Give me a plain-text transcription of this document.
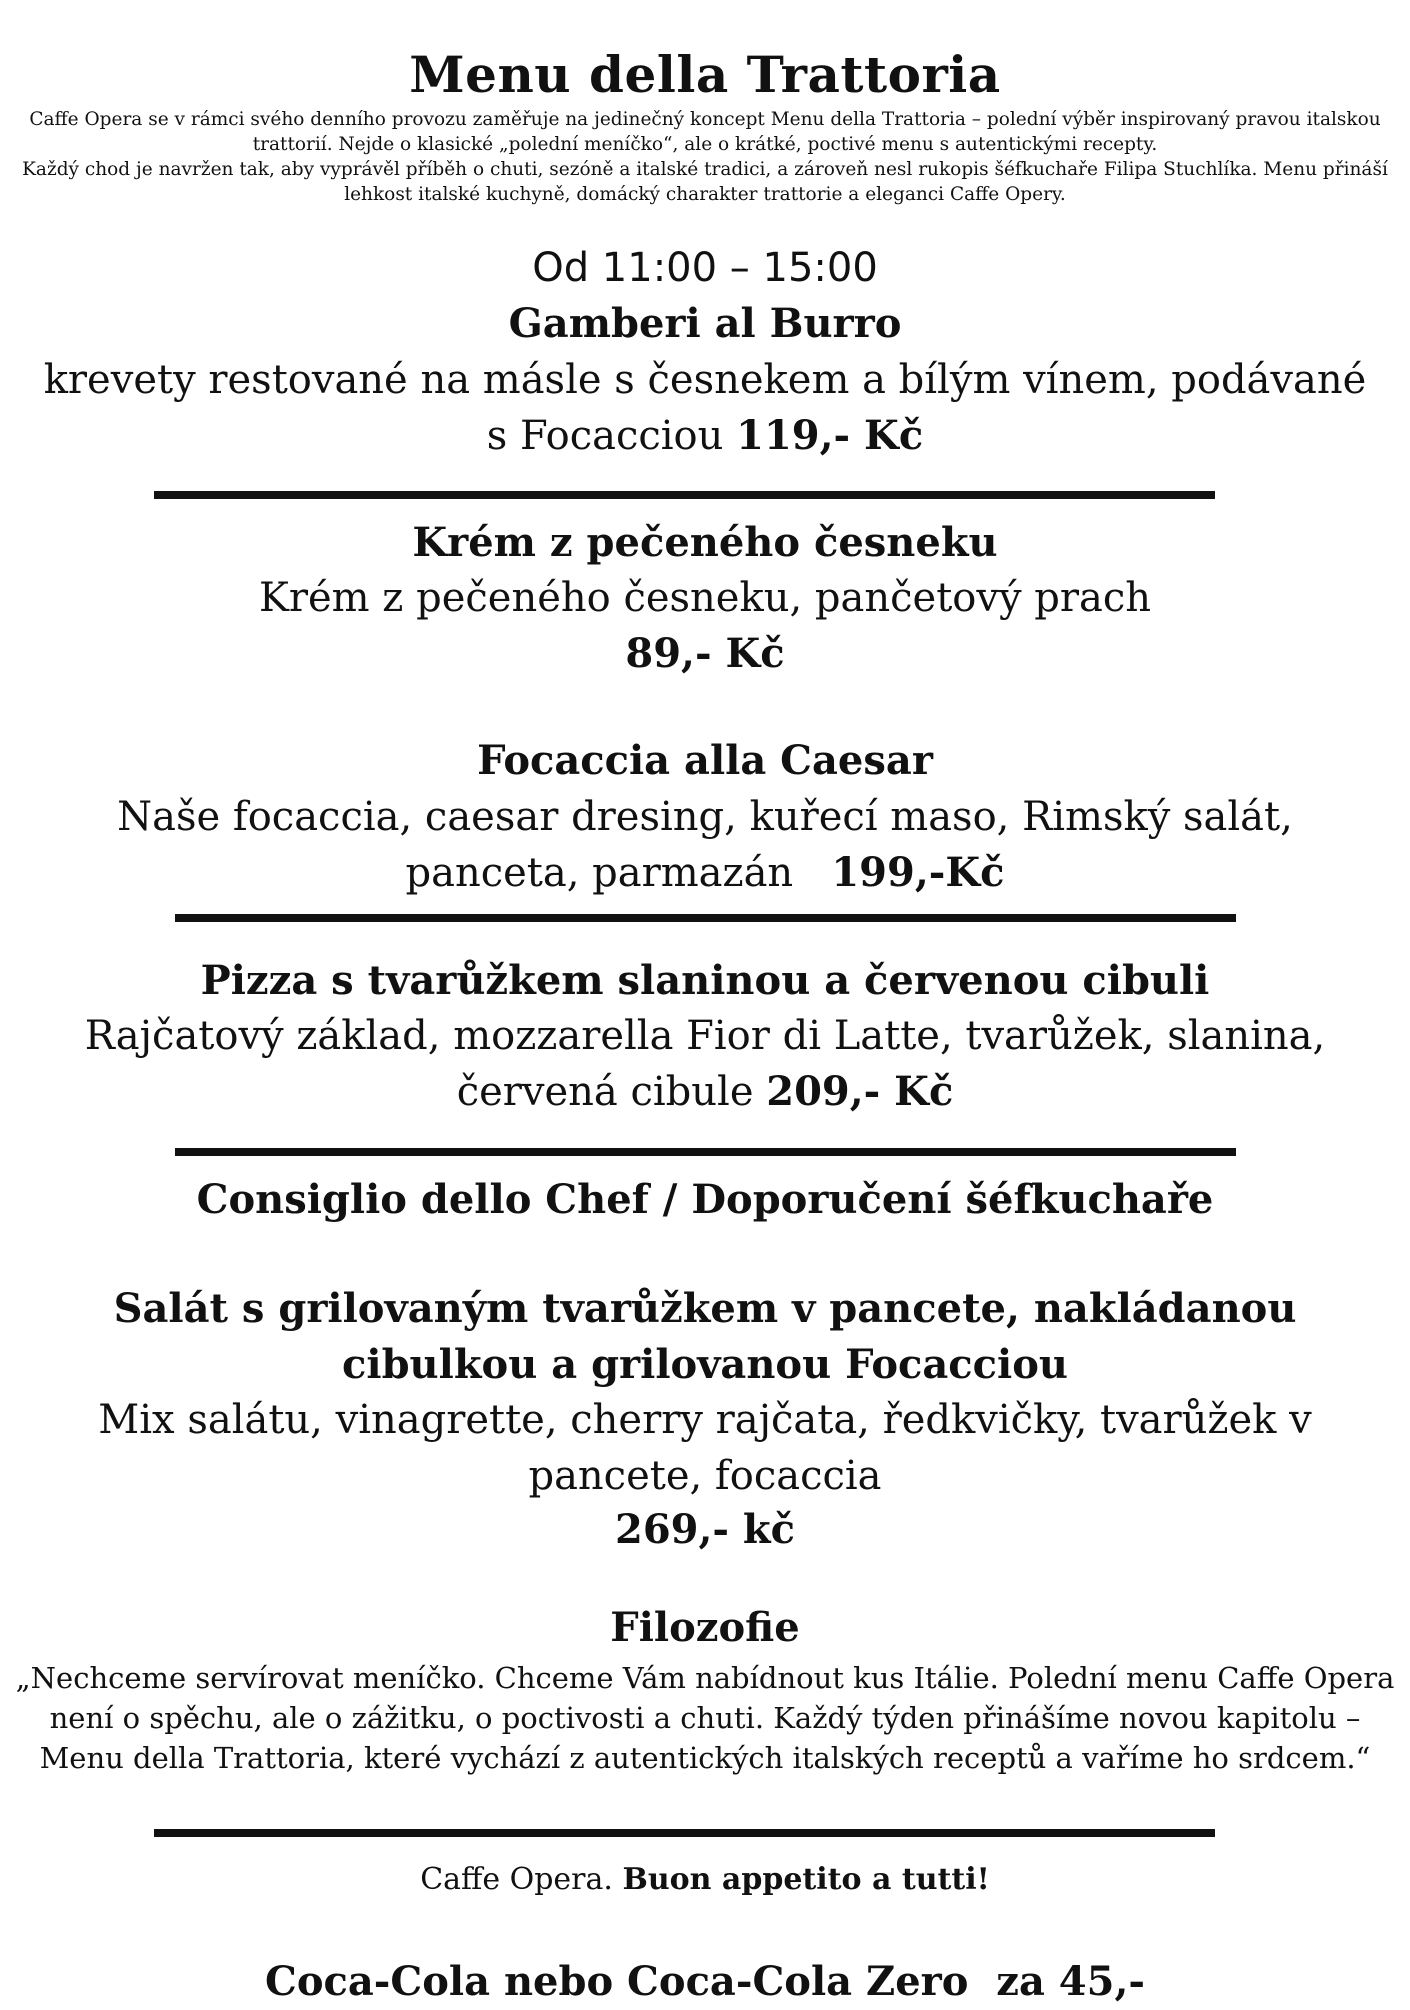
Menu della Trattoria

Caffe Opera se v rámci svého denního provozu zaměřuje na jedinečný koncept Menu della Trattoria – polední výběr inspirovaný pravou italskou trattorií. Nejde o klasické „polední meníčko“, ale o krátké, poctivé menu s autentickými recepty.

Každý chod je navržen tak, aby vyprávěl příběh o chuti, sezóně a italské tradici, a zároveň nesl rukopis šéfkuchaře Filipa Stuchlíka. Menu přináší lehkost italské kuchyně, domácký charakter trattorie a eleganci Caffe Opery.

Od 11:00 – 15:00
Gamberi al Burro
krevety restované na másle s česnekem a bílým vínem, podávané s Focacciou 119,- Kč
Krém z pečeného česneku
Krém z pečeného česneku, pančetový prach
89,- Kč
Focaccia alla Caesar
Naše focaccia, caesar dresing, kuřecí maso, Rimský salát, panceta, parmazán 199,-Kč
Pizza s tvarůžkem slaninou a červenou cibuli
Rajčatový základ, mozzarella Fior di Latte, tvarůžek, slanina, červená cibule 209,- Kč
Consiglio dello Chef / Doporučení šéfkuchaře
Salát s grilovaným tvarůžkem v pancete, nakládanou cibulkou a grilovanou Focacciou
Mix salátu, vinagrette, cherry rajčata, ředkvičky, tvarůžek v pancete, focaccia
269,- kč
Filozofie
„Nechceme servírovat meníčko. Chceme Vám nabídnout kus Itálie. Polední menu Caffe Opera není o spěchu, ale o zážitku, o poctivosti a chuti. Každý týden přinášíme novou kapitolu – Menu della Trattoria, které vychází z autentických italských receptů a vaříme ho srdcem.“
Caffe Opera. Buon appetito a tutti!
Coca-Cola nebo Coca-Cola Zero  za 45,-
